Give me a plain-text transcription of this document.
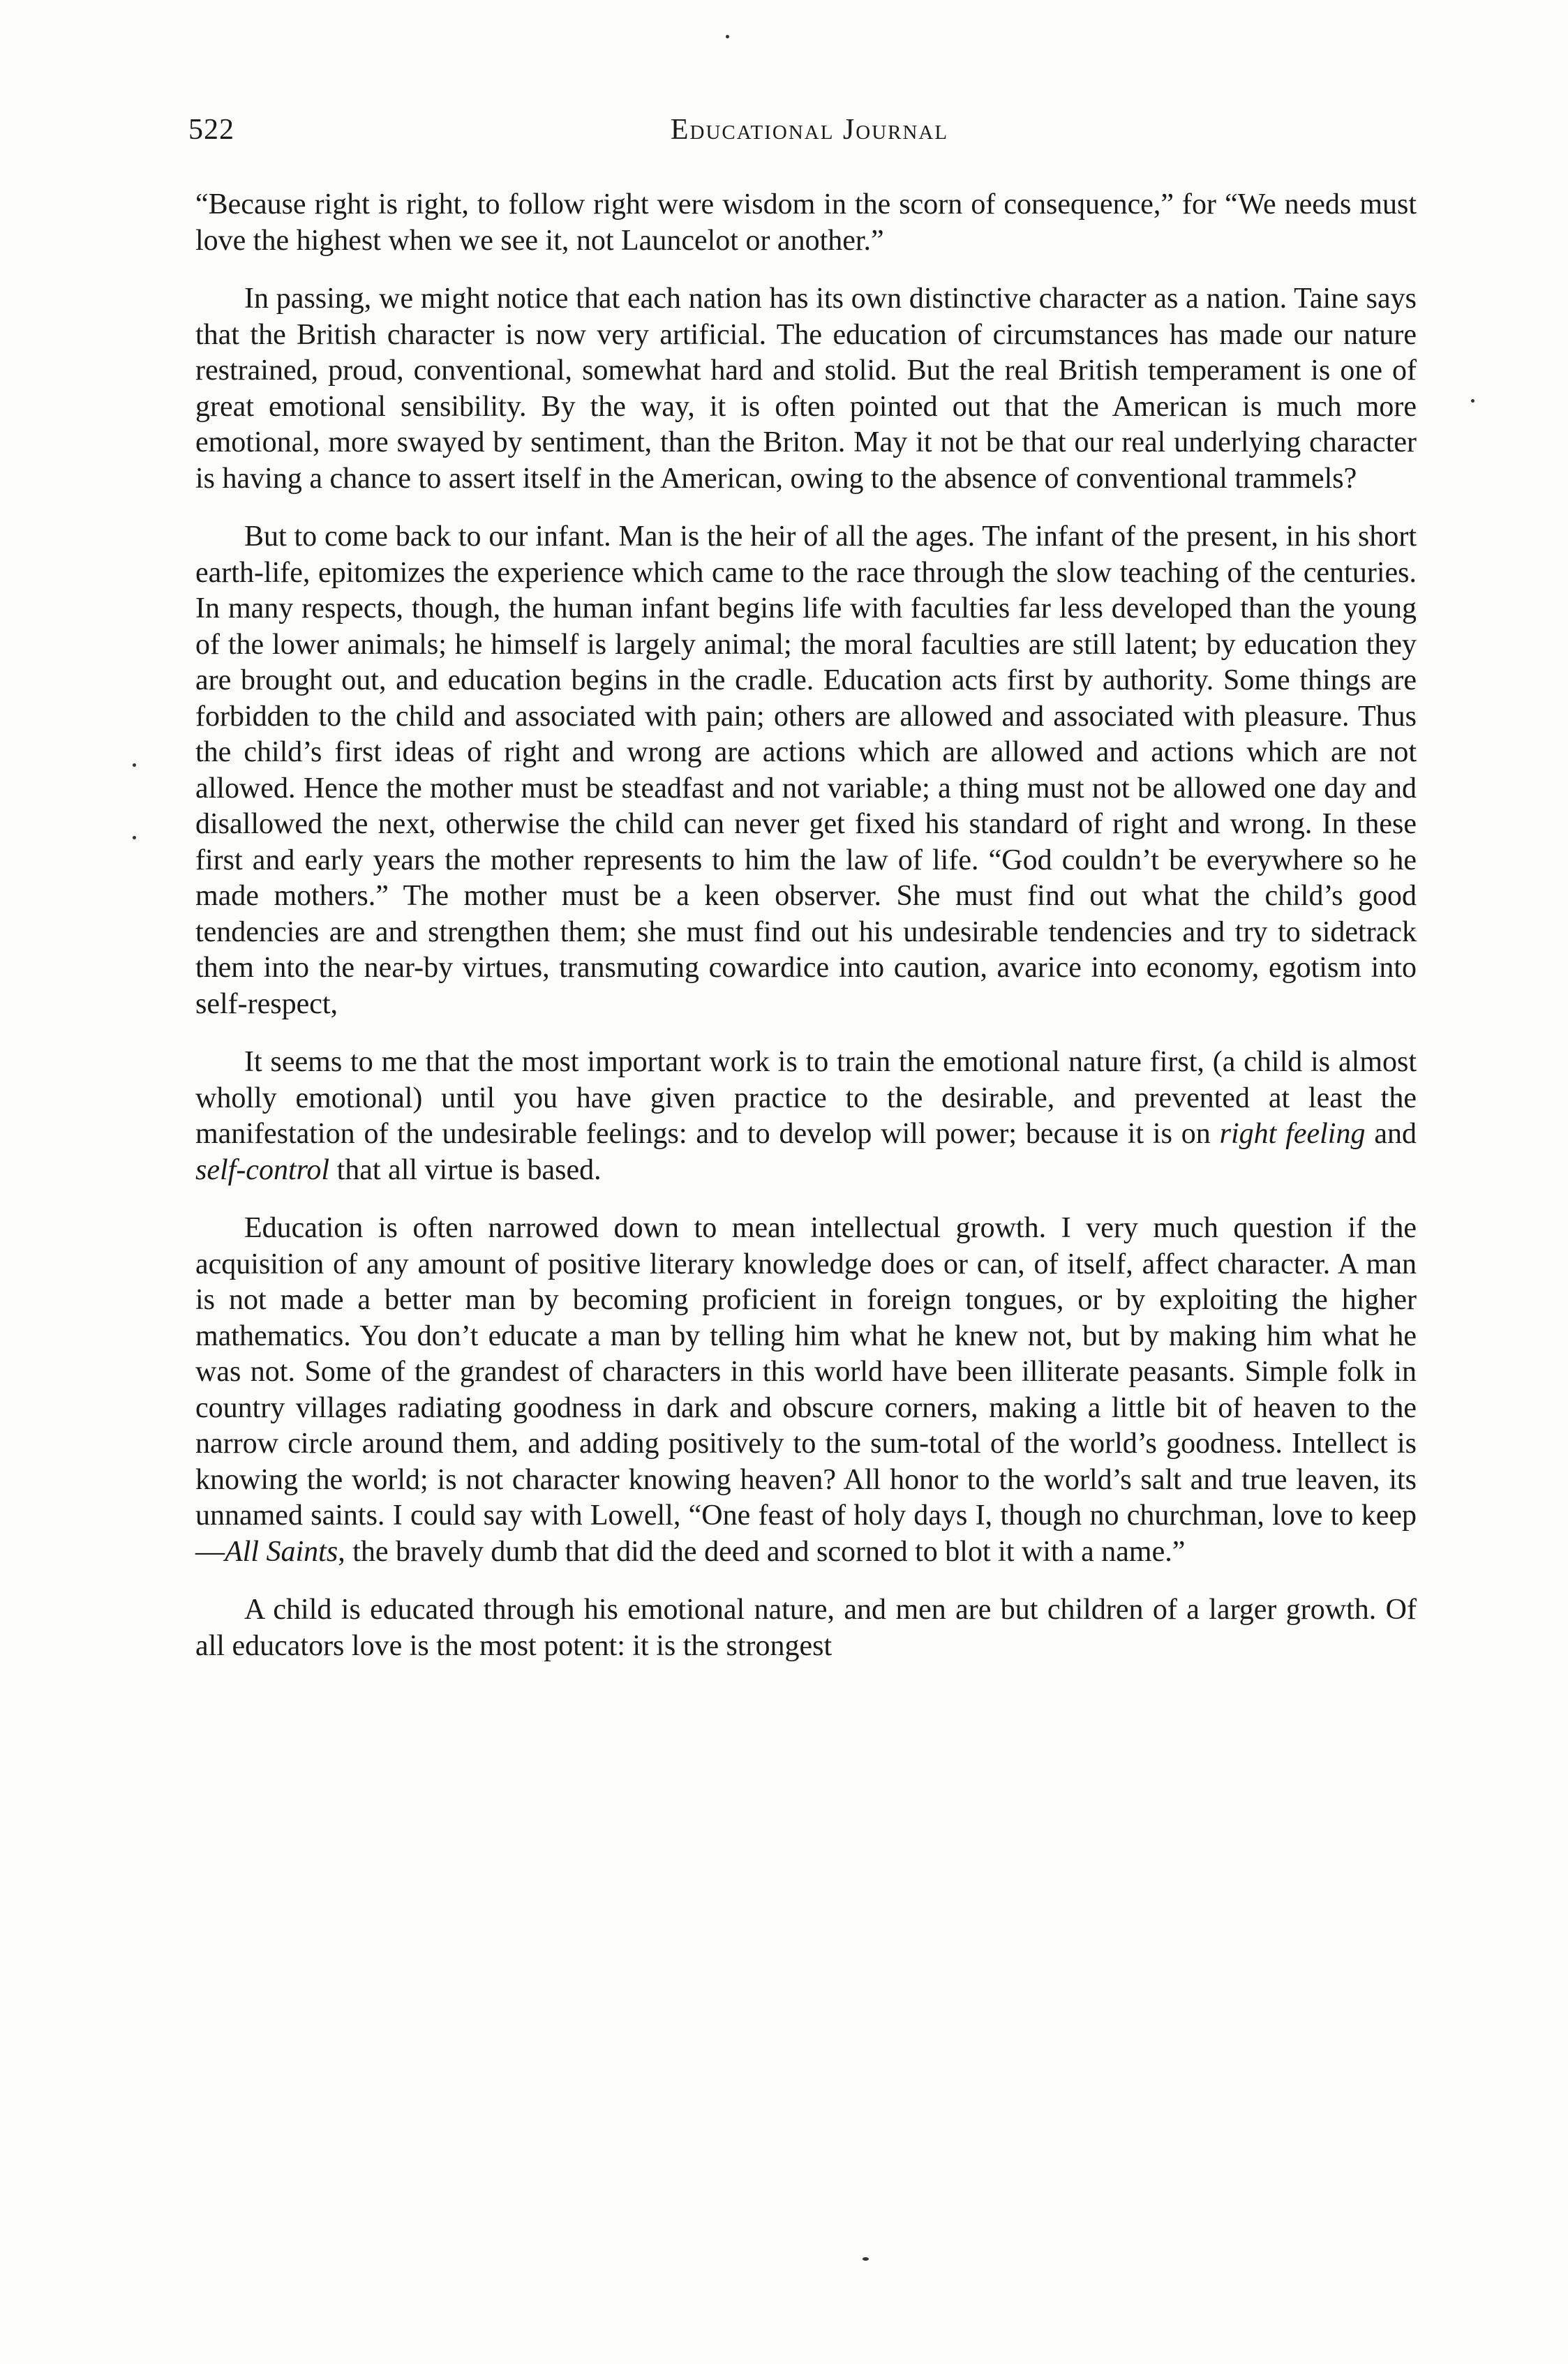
522	Educational Journal

“Because right is right, to follow right were wisdom in the scorn of consequence,” for “We needs must love the highest when we see it, not Launcelot or another.”

In passing, we might notice that each nation has its own distinctive character as a nation. Taine says that the British character is now very artificial. The education of circumstances has made our nature restrained, proud, conventional, somewhat hard and stolid. But the real British temperament is one of great emotional sensibility. By the way, it is often pointed out that the American is much more emotional, more swayed by sentiment, than the Briton. May it not be that our real underlying character is having a chance to assert itself in the American, owing to the absence of conventional trammels?

But to come back to our infant. Man is the heir of all the ages. The infant of the present, in his short earth-life, epitomizes the experience which came to the race through the slow teaching of the centuries. In many respects, though, the human infant begins life with faculties far less developed than the young of the lower animals; he himself is largely animal; the moral faculties are still latent; by education they are brought out, and education begins in the cradle. Education acts first by authority. Some things are forbidden to the child and associated with pain; others are allowed and associated with pleasure. Thus the child’s first ideas of right and wrong are actions which are allowed and actions which are not allowed. Hence the mother must be steadfast and not variable; a thing must not be allowed one day and disallowed the next, otherwise the child can never get fixed his standard of right and wrong. In these first and early years the mother represents to him the law of life. “God couldn’t be everywhere so he made mothers.” The mother must be a keen observer. She must find out what the child’s good tendencies are and strengthen them; she must find out his undesirable tendencies and try to sidetrack them into the near-by virtues, transmuting cowardice into caution, avarice into economy, egotism into self-respect,

It seems to me that the most important work is to train the emotional nature first, (a child is almost wholly emotional) until you have given practice to the desirable, and prevented at least the manifestation of the undesirable feelings: and to develop will power; because it is on right feeling and self-control that all virtue is based.

Education is often narrowed down to mean intellectual growth. I very much question if the acquisition of any amount of positive literary knowledge does or can, of itself, affect character. A man is not made a better man by becoming proficient in foreign tongues, or by exploiting the higher mathematics. You don’t educate a man by telling him what he knew not, but by making him what he was not. Some of the grandest of characters in this world have been illiterate peasants. Simple folk in country villages radiating goodness in dark and obscure corners, making a little bit of heaven to the narrow circle around them, and adding positively to the sum-total of the world’s goodness. Intellect is knowing the world; is not character knowing heaven? All honor to the world’s salt and true leaven, its unnamed saints. I could say with Lowell, “One feast of holy days I, though no churchman, love to keep—All Saints, the bravely dumb that did the deed and scorned to blot it with a name.”

A child is educated through his emotional nature, and men are but children of a larger growth. Of all educators love is the most potent: it is the strongest
